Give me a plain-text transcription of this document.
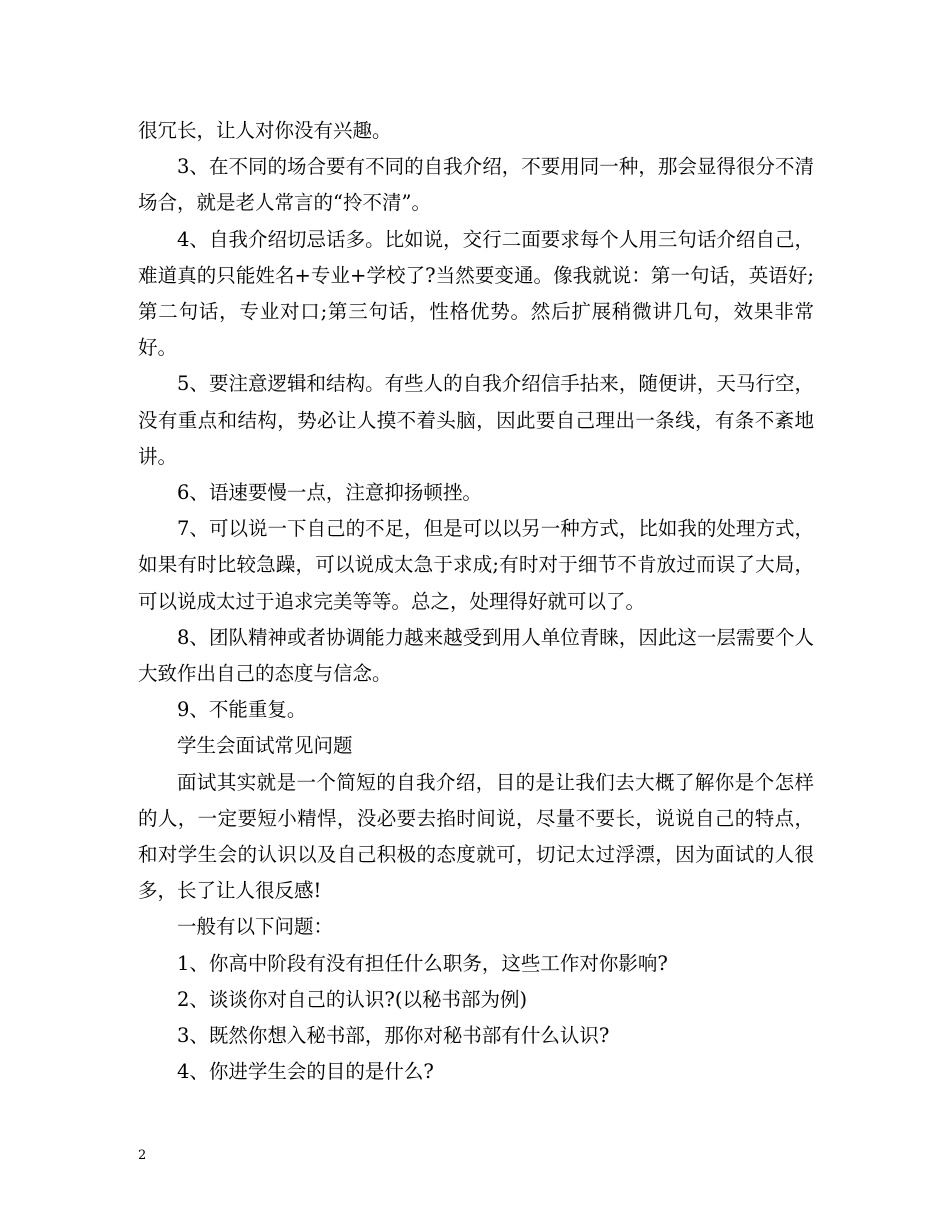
很冗长，让人对你没有兴趣。

3、在不同的场合要有不同的自我介绍，不要用同一种，那会显得很分不清场合，就是老人常言的“拎不清”。

4、自我介绍切忌话多。比如说，交行二面要求每个人用三句话介绍自己，难道真的只能姓名+专业+学校了?当然要变通。像我就说：第一句话，英语好;第二句话，专业对口;第三句话，性格优势。然后扩展稍微讲几句，效果非常好。

5、要注意逻辑和结构。有些人的自我介绍信手拈来，随便讲，天马行空，没有重点和结构，势必让人摸不着头脑，因此要自己理出一条线，有条不紊地讲。

6、语速要慢一点，注意抑扬顿挫。

7、可以说一下自己的不足，但是可以以另一种方式，比如我的处理方式，如果有时比较急躁，可以说成太急于求成;有时对于细节不肯放过而误了大局，可以说成太过于追求完美等等。总之，处理得好就可以了。

8、团队精神或者协调能力越来越受到用人单位青睐，因此这一层需要个人大致作出自己的态度与信念。

9、不能重复。

学生会面试常见问题

面试其实就是一个简短的自我介绍，目的是让我们去大概了解你是个怎样的人，一定要短小精悍，没必要去掐时间说，尽量不要长，说说自己的特点，和对学生会的认识以及自己积极的态度就可，切记太过浮漂，因为面试的人很多，长了让人很反感!

一般有以下问题：

1、你高中阶段有没有担任什么职务，这些工作对你影响?

2、谈谈你对自己的认识?(以秘书部为例)

3、既然你想入秘书部，那你对秘书部有什么认识?

4、你进学生会的目的是什么?

2
